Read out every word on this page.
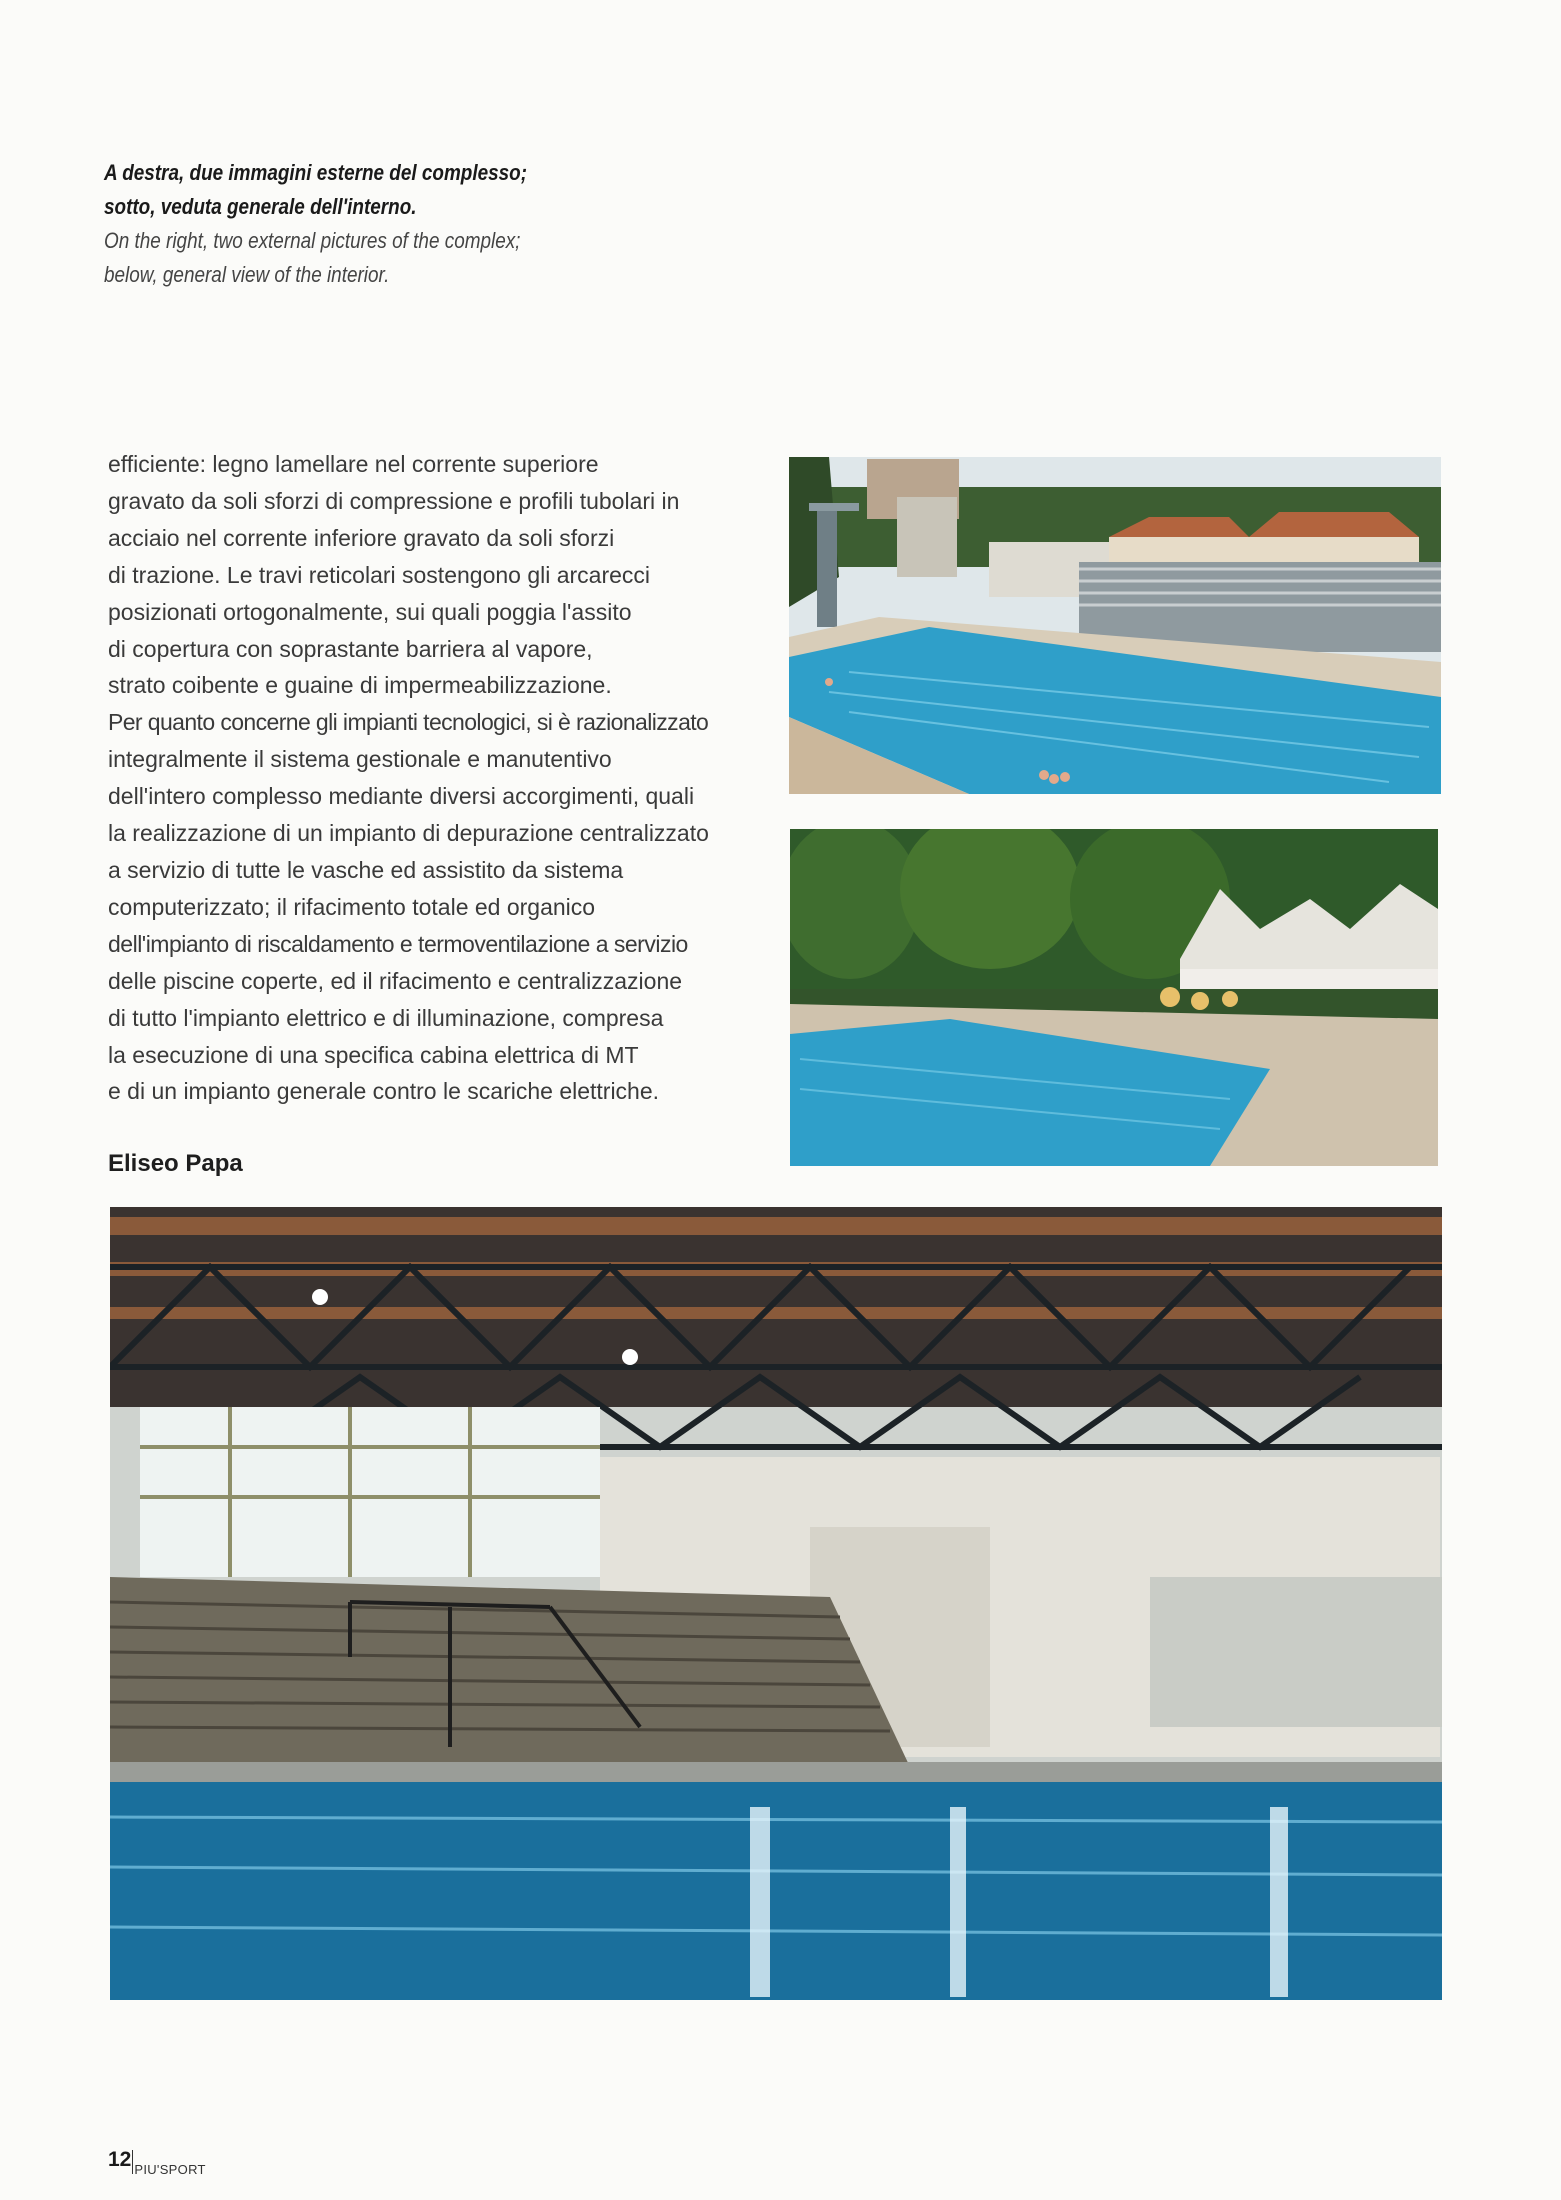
A destra, due immagini esterne del complesso;
sotto, veduta generale dell'interno.
On the right, two external pictures of the complex;
below, general view of the interior.

efficiente: legno lamellare nel corrente superiore

gravato da soli sforzi di compressione e profili tubolari in

acciaio nel corrente inferiore gravato da soli sforzi

di trazione. Le travi reticolari sostengono gli arcarecci

posizionati ortogonalmente, sui quali poggia l'assito

di copertura con soprastante barriera al vapore,

strato coibente e guaine di impermeabilizzazione.

Per quanto concerne gli impianti tecnologici, si è razionalizzato

integralmente il sistema gestionale e manutentivo

dell'intero complesso mediante diversi accorgimenti, quali

la realizzazione di un impianto di depurazione centralizzato

a servizio di tutte le vasche ed assistito da sistema

computerizzato; il rifacimento totale ed organico

dell'impianto di riscaldamento e termoventilazione a servizio

delle piscine coperte, ed il rifacimento e centralizzazione

di tutto l'impianto elettrico e di illuminazione, compresa

la esecuzione di una specifica cabina elettrica di MT

e di un impianto generale contro le scariche elettriche.

Eliseo Papa
12 $_{PIU'SPORT}$
